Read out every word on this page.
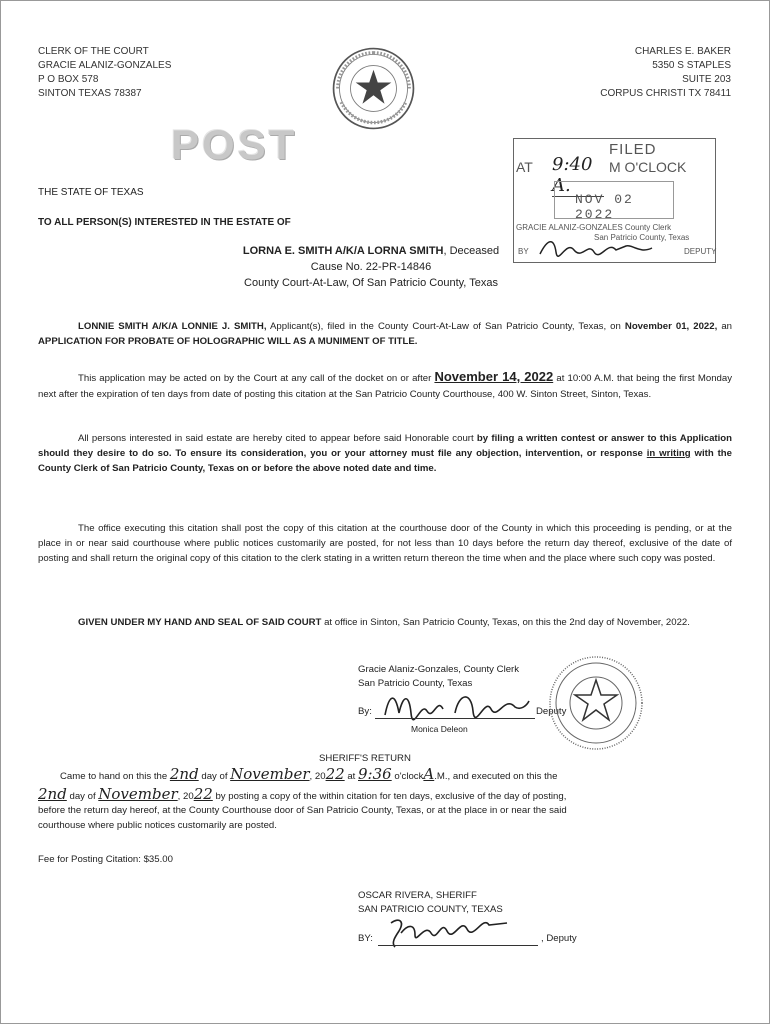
CLERK OF THE COURT
GRACIE ALANIZ-GONZALES
P O BOX 578
SINTON TEXAS 78387
CHARLES E. BAKER
5350 S STAPLES
SUITE 203
CORPUS CHRISTI TX 78411
POST	FILED
AT 9:40 A.
M O'CLOCK
NOV 02 2022
GRACIE ALANIZ-GONZALES County Clerk
San Patricio County, Texas
BY	DEPUTY
THE STATE OF TEXAS
TO ALL PERSON(S) INTERESTED IN THE ESTATE OF
LORNA E. SMITH A/K/A LORNA SMITH, Deceased
Cause No. 22-PR-14846
County Court-At-Law, Of San Patricio County, Texas
LONNIE SMITH A/K/A LONNIE J. SMITH, Applicant(s), filed in the County Court-At-Law of San Patricio County, Texas, on November 01, 2022, an APPLICATION FOR PROBATE OF HOLOGRAPHIC WILL AS A MUNIMENT OF TITLE.
This application may be acted on by the Court at any call of the docket on or after November 14, 2022 at 10:00 A.M. that being the first Monday next after the expiration of ten days from date of posting this citation at the San Patricio County Courthouse, 400 W. Sinton Street, Sinton, Texas.
All persons interested in said estate are hereby cited to appear before said Honorable court by filing a written contest or answer to this Application should they desire to do so. To ensure its consideration, you or your attorney must file any objection, intervention, or response in writing with the County Clerk of San Patricio County, Texas on or before the above noted date and time.
The office executing this citation shall post the copy of this citation at the courthouse door of the County in which this proceeding is pending, or at the place in or near said courthouse where public notices customarily are posted, for not less than 10 days before the return day thereof, exclusive of the date of posting and shall return the original copy of this citation to the clerk stating in a written return thereon the time when and the place where such copy was posted.
GIVEN UNDER MY HAND AND SEAL OF SAID COURT at office in Sinton, San Patricio County, Texas, on this the 2nd day of November, 2022.
Gracie Alaniz-Gonzales, County Clerk
San Patricio County, Texas
By:	Deputy
Monica Deleon
SHERIFF'S RETURN
Came to hand on this the 2nd day of November, 2022 at 9:36 o'clockA.M., and executed on this the
2nd day of November, 2022 by posting a copy of the within citation for ten days, exclusive of the day of posting,
before the return day hereof, at the County Courthouse door of San Patricio County, Texas, or at the place in or near the said
courthouse where public notices customarily are posted.
Fee for Posting Citation: $35.00
OSCAR RIVERA, SHERIFF
SAN PATRICIO COUNTY, TEXAS
BY:	, Deputy
